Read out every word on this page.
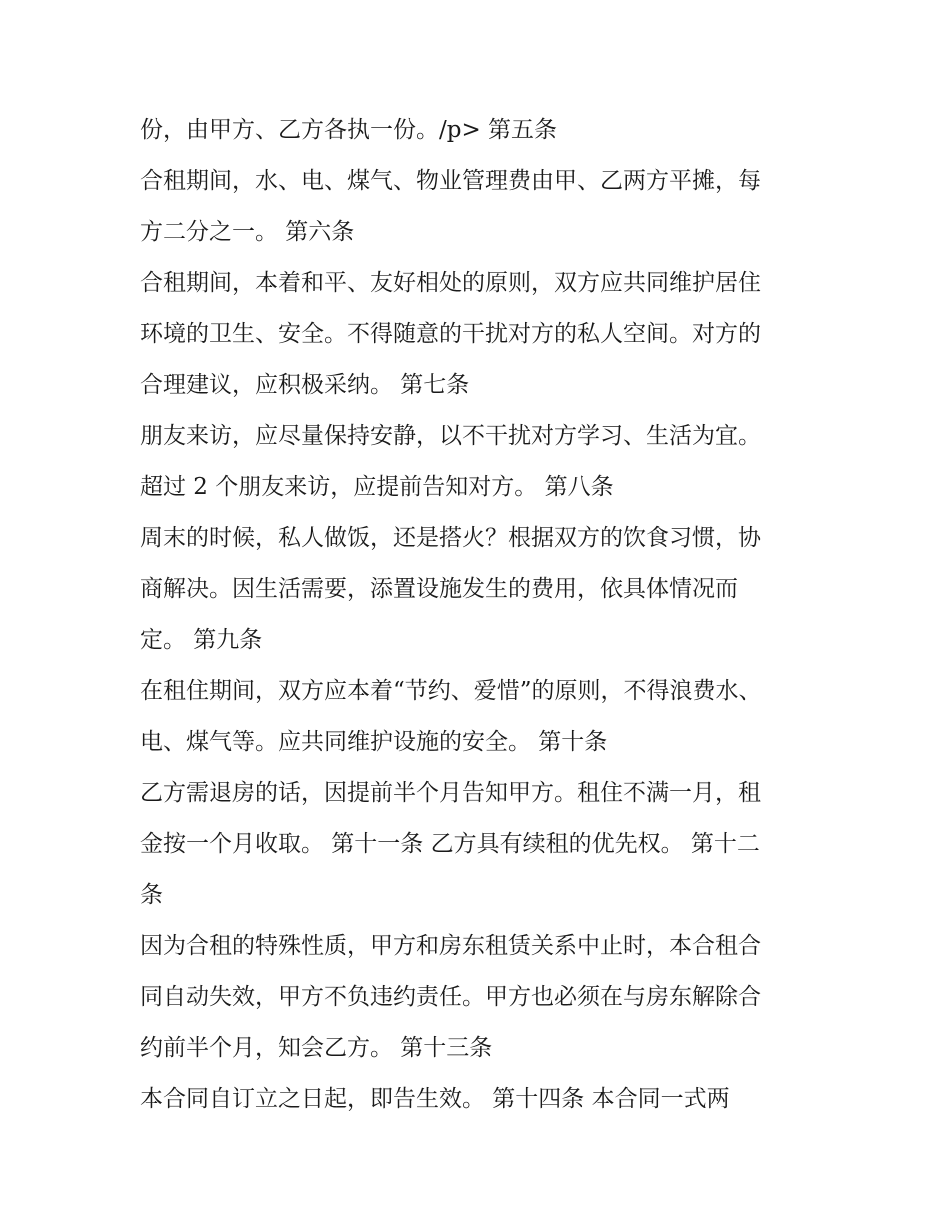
份，由甲方、乙方各执一份。/p> 第五条
合租期间，水、电、煤气、物业管理费由甲、乙两方平摊，每
方二分之一。 第六条
合租期间，本着和平、友好相处的原则，双方应共同维护居住
环境的卫生、安全。不得随意的干扰对方的私人空间。对方的
合理建议，应积极采纳。 第七条
朋友来访，应尽量保持安静，以不干扰对方学习、生活为宜。
超过 2 个朋友来访，应提前告知对方。 第八条
周末的时候，私人做饭，还是搭火？根据双方的饮食习惯，协
商解决。因生活需要，添置设施发生的费用，依具体情况而
定。 第九条
在租住期间，双方应本着“节约、爱惜”的原则，不得浪费水、
电、煤气等。应共同维护设施的安全。 第十条
乙方需退房的话，因提前半个月告知甲方。租住不满一月，租
金按一个月收取。 第十一条 乙方具有续租的优先权。 第十二
条
因为合租的特殊性质，甲方和房东租赁关系中止时，本合租合
同自动失效，甲方不负违约责任。甲方也必须在与房东解除合
约前半个月，知会乙方。 第十三条
本合同自订立之日起，即告生效。 第十四条 本合同一式两
